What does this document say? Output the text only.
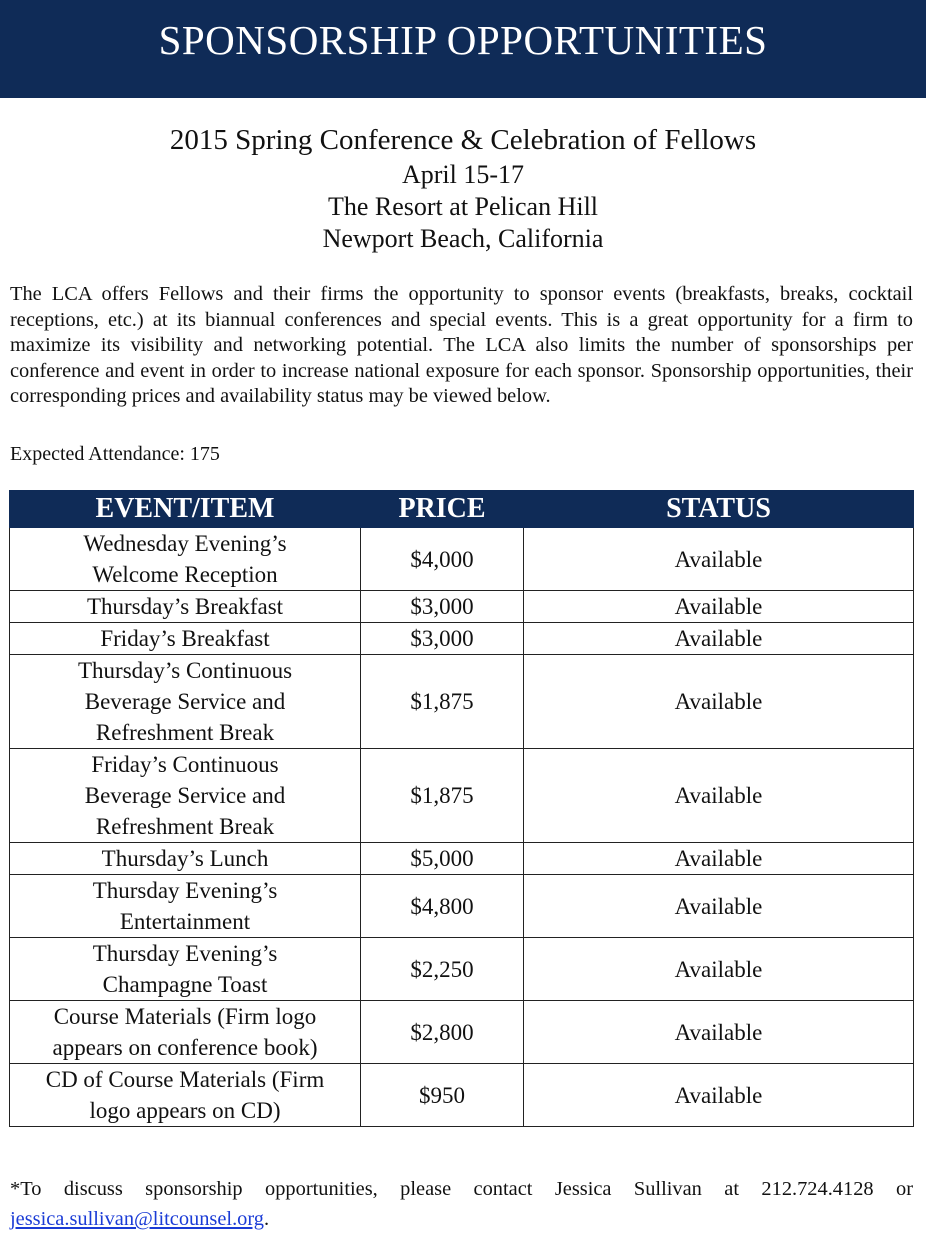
SPONSORSHIP OPPORTUNITIES
2015 Spring Conference & Celebration of Fellows
April 15-17
The Resort at Pelican Hill
Newport Beach, California
The LCA offers Fellows and their firms the opportunity to sponsor events (breakfasts, breaks, cocktail receptions, etc.) at its biannual conferences and special events. This is a great opportunity for a firm to maximize its visibility and networking potential. The LCA also limits the number of sponsorships per conference and event in order to increase national exposure for each sponsor. Sponsorship opportunities, their corresponding prices and availability status may be viewed below.
Expected Attendance: 175
EVENT/ITEM	PRICE	STATUS

Wednesday Evening’s
Welcome Reception	$4,000	Available

Thursday’s Breakfast	$3,000	Available

Friday’s Breakfast	$3,000	Available

Thursday’s Continuous
Beverage Service and
Refreshment Break	$1,875	Available

Friday’s Continuous
Beverage Service and
Refreshment Break	$1,875	Available

Thursday’s Lunch	$5,000	Available

Thursday Evening’s
Entertainment	$4,800	Available

Thursday Evening’s
Champagne Toast	$2,250	Available

Course Materials (Firm logo
appears on conference book)	$2,800	Available

CD of Course Materials (Firm
logo appears on CD)	$950	Available
*To discuss sponsorship opportunities, please contact Jessica Sullivan at 212.724.4128 or
jessica.sullivan@litcounsel.org.
